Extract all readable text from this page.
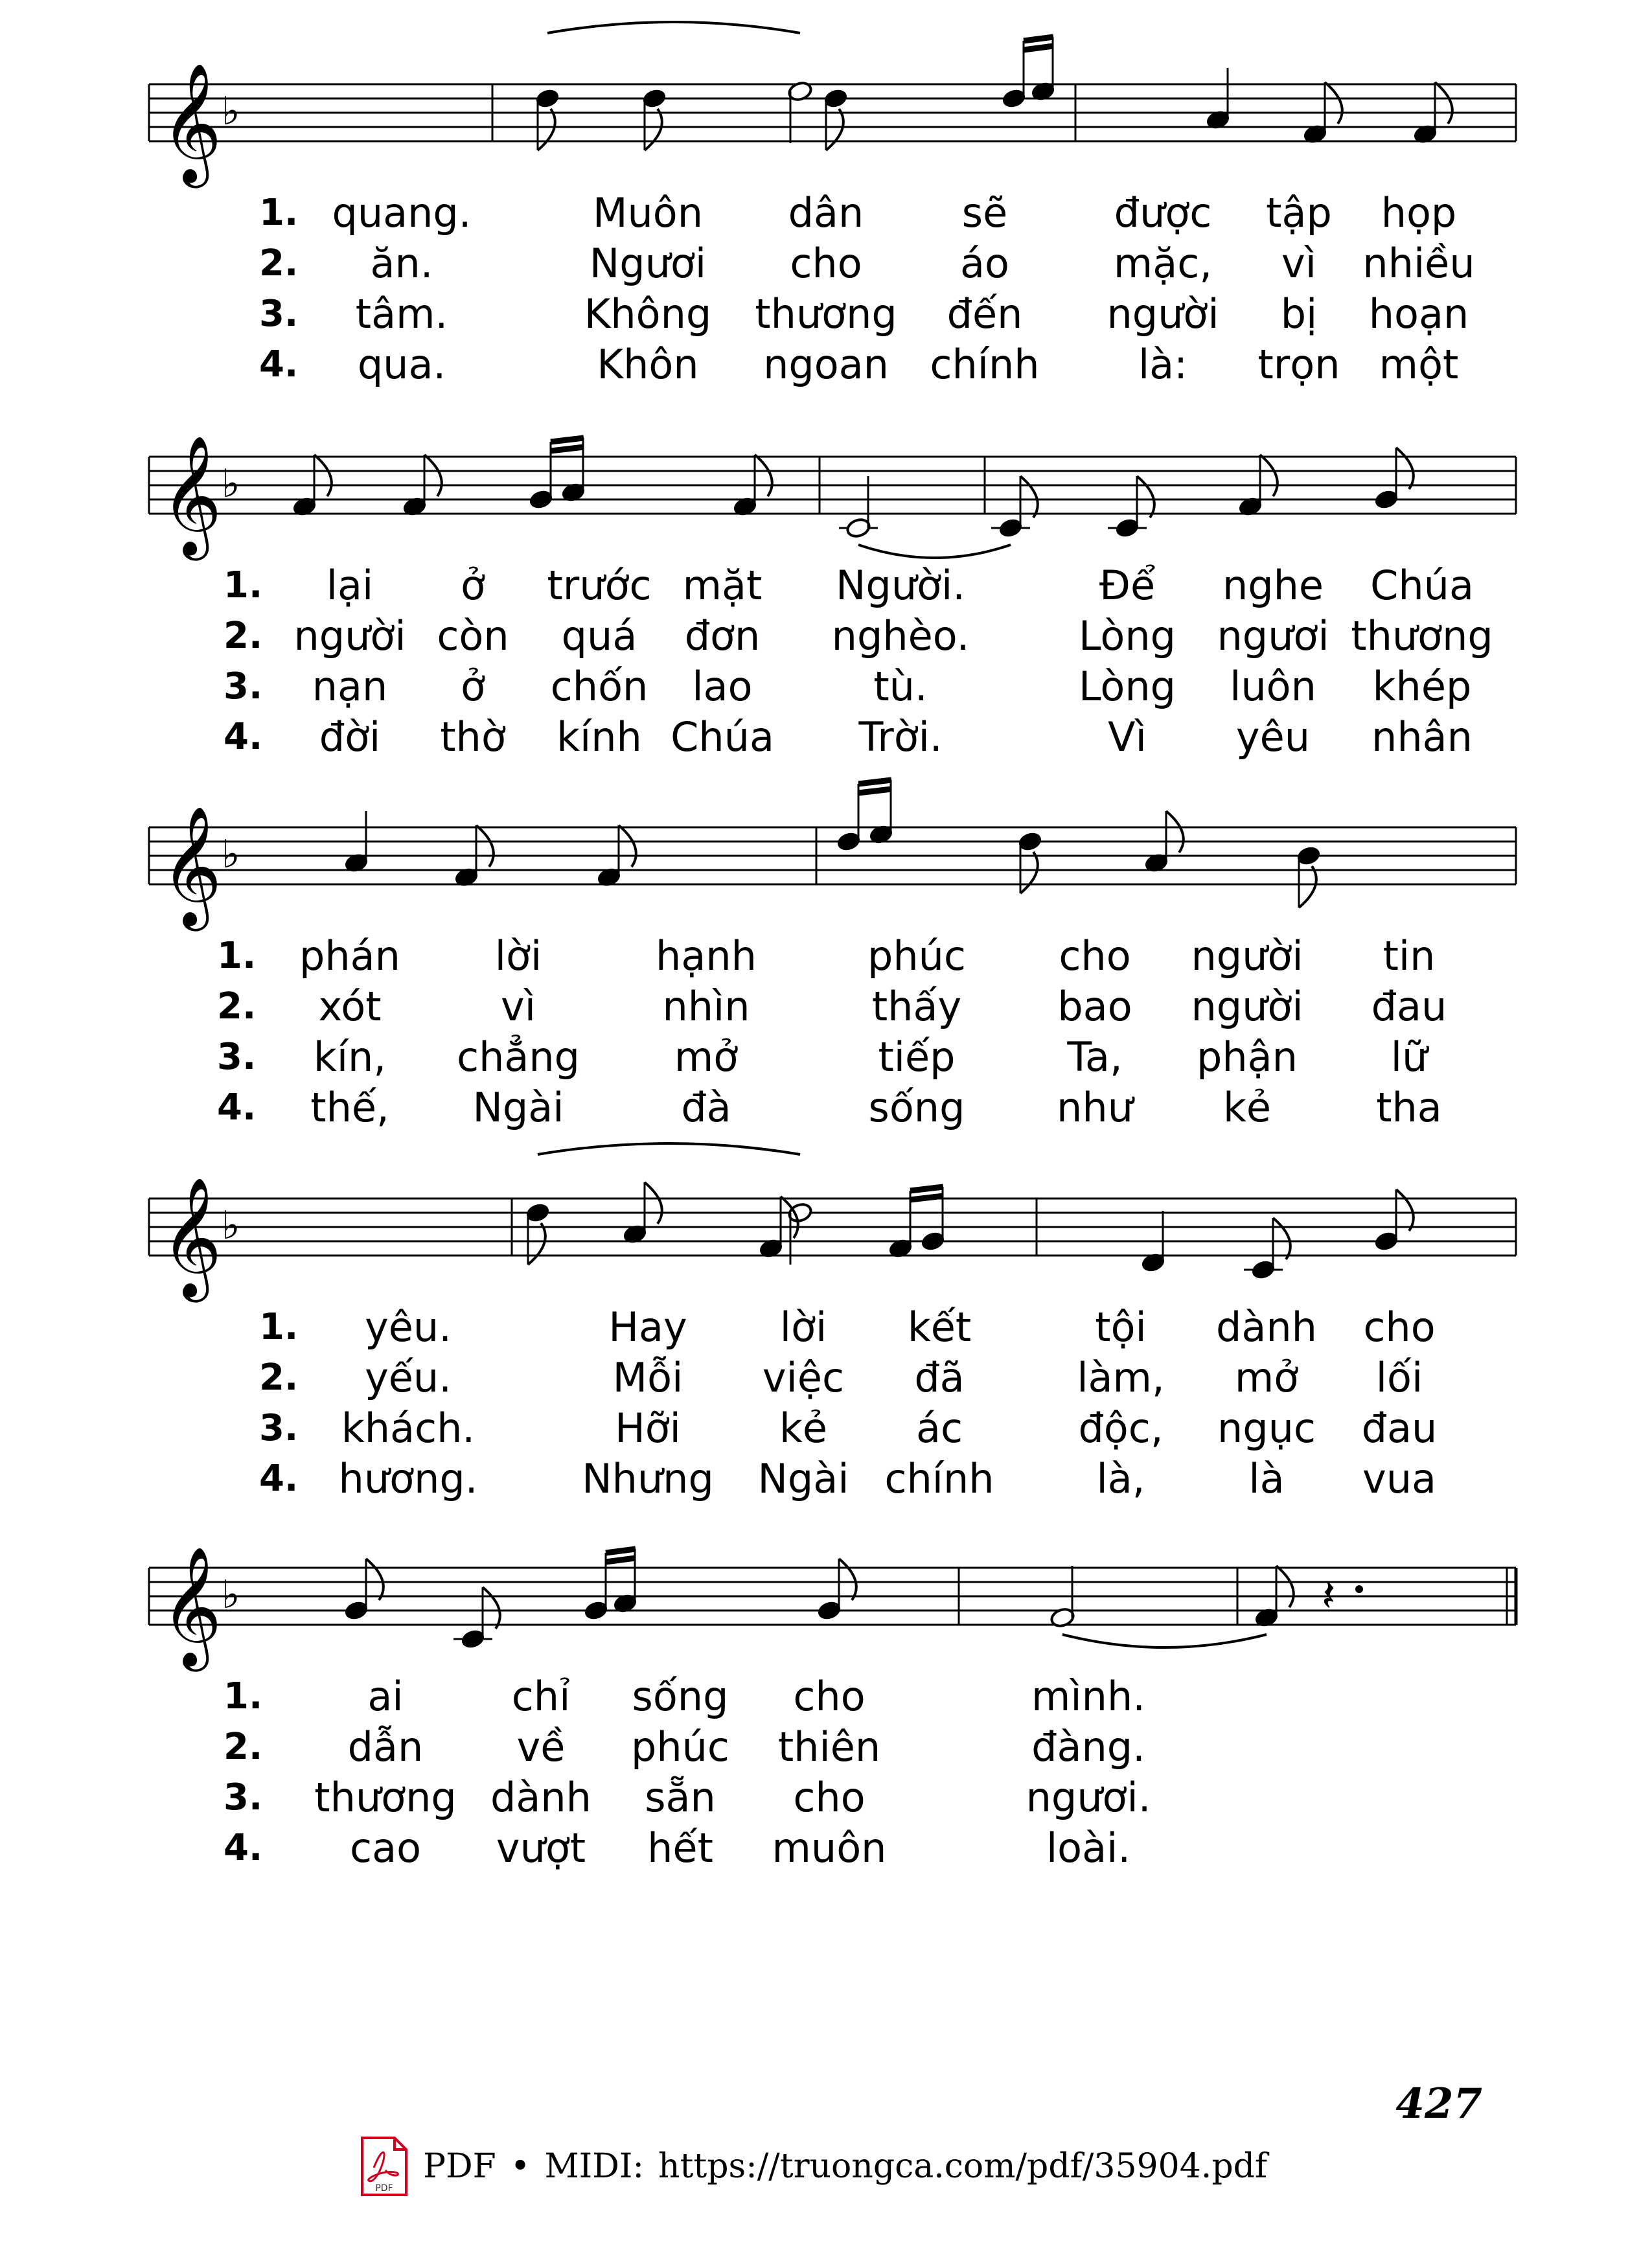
𝄞 ♭
1. quang.	Muôn dân sẽ	được tập họp
2. ăn.	Ngươi cho áo	mặc, vì nhiều
3. tâm.	Không thương đến người bị hoạn
4. qua.	Khôn ngoan chính là: trọn một
𝄞 ♭
1. lại ở trước mặt Người.	Để nghe Chúa
2. người còn quá đơn nghèo.	Lòng ngươi thương
3. nạn ở chốn lao	tù.	Lòng luôn khép
4. đời thờ kính Chúa Trời.	Vì yêu nhân
𝄞 ♭
1. phán lời	hạnh	phúc cho người tin
2. xót	vì	nhìn	thấy bao người đau
3. kín, chẳng mở	tiếp	Ta, phận lữ
4. thế, Ngài	đà	sống như kẻ	tha
𝄞 ♭
1. yêu.	Hay lời kết	tội dành cho
2. yếu.	Mỗi việc đã	làm, mở lối
3. khách.	Hỡi kẻ ác	độc, ngục đau
4. hương.	Nhưng Ngài chính	là,	là vua
𝄞 ♭	𝄽
1.	ai	chỉ sống cho	mình.
2. dẫn về phúc thiên	đàng.
3. thương dành sẵn cho	ngươi.
4. cao vượt hết muôn	loài.
427
PDF
PDF • MIDI: https://truongca.com/pdf/35904.pdf
